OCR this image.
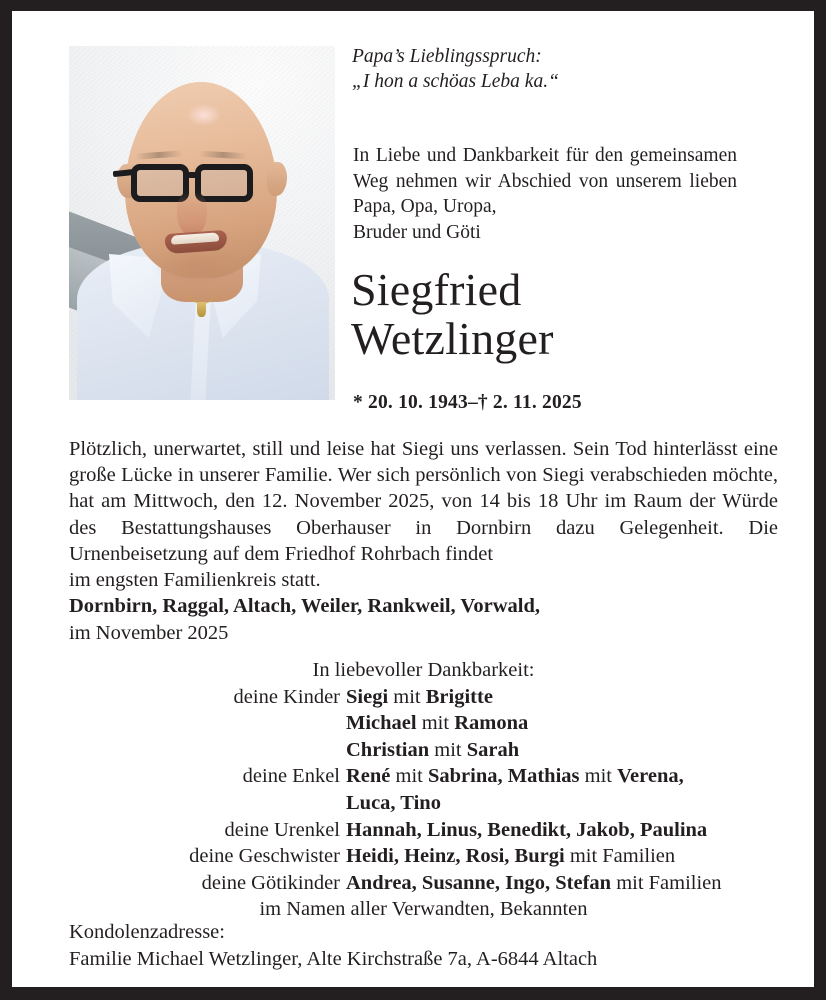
Papa’s Lieblingsspruch:
„I hon a schöas Leba ka.“
In Liebe und Dankbarkeit für den gemeinsamen Weg nehmen wir Abschied von unserem lieben Papa, Opa, Uropa,
Bruder und Göti
Siegfried
Wetzlinger
* 20. 10. 1943–† 2. 11. 2025
Plötzlich, unerwartet, still und leise hat Siegi uns verlassen. Sein Tod hinterlässt eine große Lücke in unserer Familie. Wer sich persönlich von Siegi verabschieden möchte, hat am Mittwoch, den 12. November 2025, von 14 bis 18 Uhr im Raum der Würde des Bestattungshauses Oberhauser in Dornbirn dazu Gelegenheit. Die Urnenbeisetzung auf dem Friedhof Rohrbach findet
im engsten Familienkreis statt.
Dornbirn, Raggal, Altach, Weiler, Rankweil, Vorwald,
im November 2025
In liebevoller Dankbarkeit:
deine Kinder Siegi mit Brigitte
Michael mit Ramona
Christian mit Sarah
deine Enkel René mit Sabrina, Mathias mit Verena,
Luca, Tino
deine Urenkel Hannah, Linus, Benedikt, Jakob, Paulina
deine Geschwister Heidi, Heinz, Rosi, Burgi mit Familien
deine Götikinder Andrea, Susanne, Ingo, Stefan mit Familien
im Namen aller Verwandten, Bekannten
Kondolenzadresse:
Familie Michael Wetzlinger, Alte Kirchstraße 7a, A-6844 Altach
